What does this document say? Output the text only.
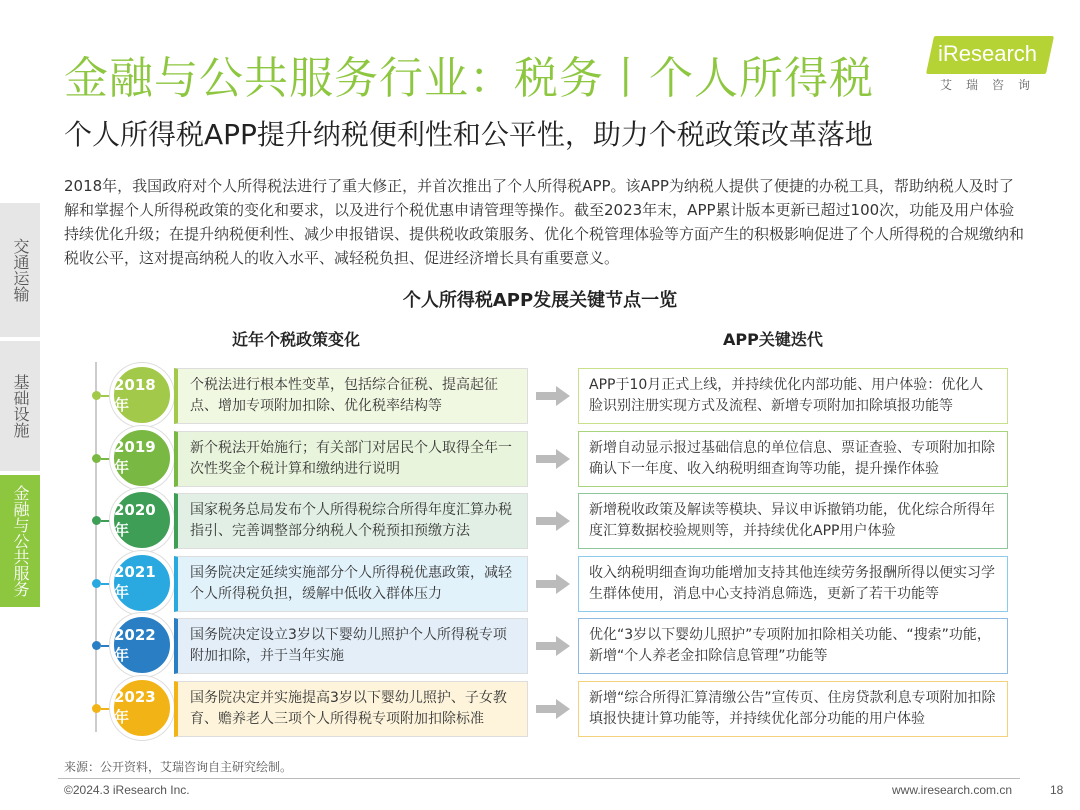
金融与公共服务行业：税务丨个人所得税
个人所得税APP提升纳税便利性和公平性，助力个税政策改革落地
iResearch
艾瑞咨询
交通运输
基础设施
金融与公共服务
2018年，我国政府对个人所得税法进行了重大修正，并首次推出了个人所得税APP。该APP为纳税人提供了便捷的办税工具，帮助纳税人及时了解和掌握个人所得税政策的变化和要求，以及进行个税优惠申请管理等操作。截至2023年末，APP累计版本更新已超过100次，功能及用户体验持续优化升级；在提升纳税便利性、减少申报错误、提供税收政策服务、优化个税管理体验等方面产生的积极影响促进了个人所得税的合规缴纳和税收公平，这对提高纳税人的收入水平、减轻税负担、促进经济增长具有重要意义。
个人所得税APP发展关键节点一览
近年个税政策变化	APP关键迭代
2018年
个税法进行根本性变革，包括综合征税、提高起征点、增加专项附加扣除、优化税率结构等
APP于10月正式上线，并持续优化内部功能、用户体验：优化人脸识别注册实现方式及流程、新增专项附加扣除填报功能等
2019年
新个税法开始施行；有关部门对居民个人取得全年一次性奖金个税计算和缴纳进行说明
新增自动显示报过基础信息的单位信息、票证查验、专项附加扣除确认下一年度、收入纳税明细查询等功能，提升操作体验
2020年
国家税务总局发布个人所得税综合所得年度汇算办税指引、完善调整部分纳税人个税预扣预缴方法
新增税收政策及解读等模块、异议申诉撤销功能，优化综合所得年度汇算数据校验规则等，并持续优化APP用户体验
2021年
国务院决定延续实施部分个人所得税优惠政策，减轻个人所得税负担，缓解中低收入群体压力
收入纳税明细查询功能增加支持其他连续劳务报酬所得以便实习学生群体使用，消息中心支持消息筛选，更新了若干功能等
2022年
国务院决定设立3岁以下婴幼儿照护个人所得税专项附加扣除，并于当年实施
优化“3岁以下婴幼儿照护”专项附加扣除相关功能、“搜索”功能，新增“个人养老金扣除信息管理”功能等
2023年
国务院决定并实施提高3岁以下婴幼儿照护、子女教育、赡养老人三项个人所得税专项附加扣除标准
新增“综合所得汇算清缴公告”宣传页、住房贷款利息专项附加扣除填报快捷计算功能等，并持续优化部分功能的用户体验
来源：公开资料，艾瑞咨询自主研究绘制。
©2024.3 iResearch Inc.	www.iresearch.com.cn	18
